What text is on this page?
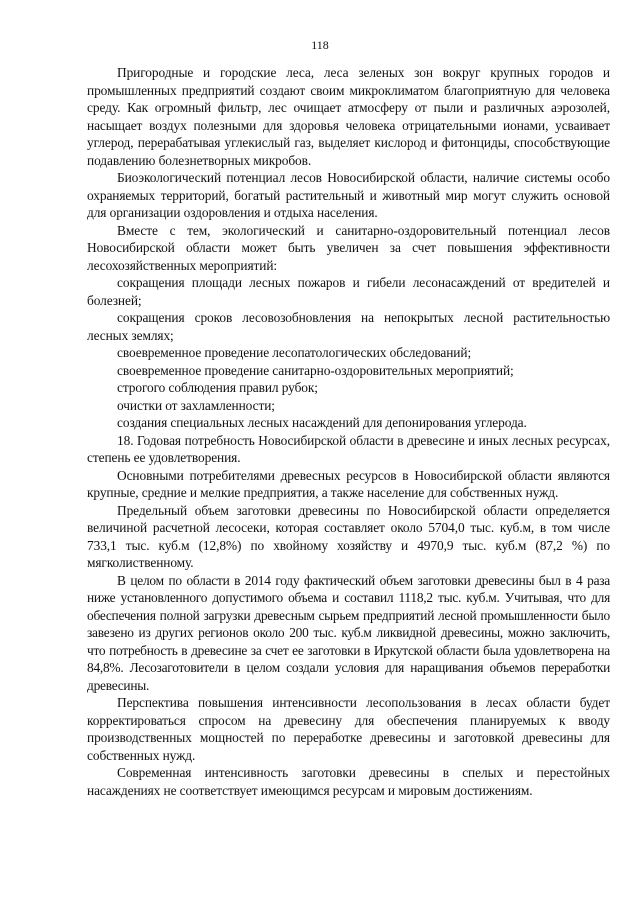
118

Пригородные и городские леса, леса зеленых зон вокруг крупных городов и промышленных предприятий создают своим микроклиматом благоприятную для человека среду. Как огромный фильтр, лес очищает атмосферу от пыли и различных аэрозолей, насыщает воздух полезными для здоровья человека отрицательными ионами, усваивает углерод, перерабатывая углекислый газ, выделяет кислород и фитонциды, способствующие подавлению болезнетворных микробов.

Биоэкологический потенциал лесов Новосибирской области, наличие системы особо охраняемых территорий, богатый растительный и животный мир могут служить основой для организации оздоровления и отдыха населения.

Вместе с тем, экологический и санитарно-оздоровительный потенциал лесов Новосибирской области может быть увеличен за счет повышения эффективности лесохозяйственных мероприятий:

сокращения площади лесных пожаров и гибели лесонасаждений от вредителей и болезней;

сокращения сроков лесовозобновления на непокрытых лесной растительностью лесных землях;

своевременное проведение лесопатологических обследований;

своевременное проведение санитарно-оздоровительных мероприятий;

строгого соблюдения правил рубок;

очистки от захламленности;

создания специальных лесных насаждений для депонирования углерода.

18. Годовая потребность Новосибирской области в древесине и иных лесных ресурсах, степень ее удовлетворения.

Основными потребителями древесных ресурсов в Новосибирской области являются крупные, средние и мелкие предприятия, а также население для собственных нужд.

Предельный объем заготовки древесины по Новосибирской области определяется величиной расчетной лесосеки, которая составляет около 5704,0 тыс. куб.м, в том числе 733,1 тыс. куб.м (12,8%) по хвойному хозяйству и 4970,9 тыс. куб.м (87,2 %) по мягколиственному.

В целом по области в 2014 году фактический объем заготовки древесины был в 4 раза ниже установленного допустимого объема и составил 1118,2 тыс. куб.м. Учитывая, что для обеспечения полной загрузки древесным сырьем предприятий лесной промышленности было завезено из других регионов около 200 тыс. куб.м ликвидной древесины, можно заключить, что потребность в древесине за счет ее заготовки в Иркутской области была удовлетворена на 84,8%. Лесозаготовители в целом создали условия для наращивания объемов переработки древесины.

Перспектива повышения интенсивности лесопользования в лесах области будет корректироваться спросом на древесину для обеспечения планируемых к вводу производственных мощностей по переработке древесины и заготовкой древесины для собственных нужд.

Современная интенсивность заготовки древесины в спелых и перестойных насаждениях не соответствует имеющимся ресурсам и мировым достижениям.
